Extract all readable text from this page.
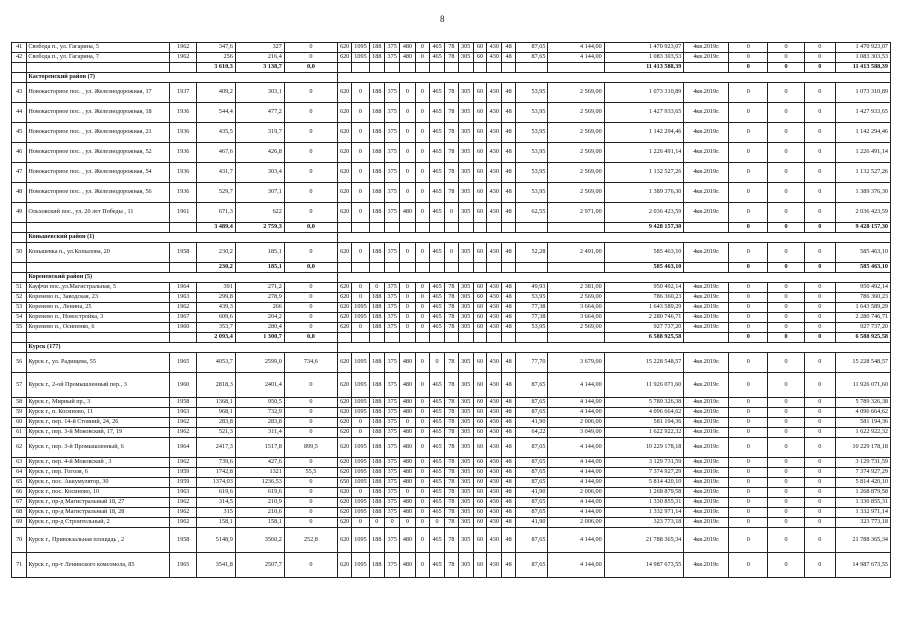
8
41	Свобода п., ул. Гагарина, 5	1962	347,6	327	0	620	1095	188	375	480	0	465	78	305	60	430	48	87,65	4 144,00	1 470 923,07	4кв.2019г.	0	0	0	1 470 923,07
42	Свобода п., ул. Гагарина, 7	1962	256	216,4	0	620	1095	188	375	480	0	465	78	305	60	430	48	87,65	4 144,00	1 083 303,53	4кв.2019г.	0	0	0	1 083 303,53
			3 610,3	3 138,7	0,0															11 413 588,39		0	0	0	11 413 588,39
	Касторенский район (7)																								
43	Новокасторное пос. , ул. Железнодорожная, 17	1937	409,2	303,1	0	620	0	188	375	0	0	465	78	305	60	430	48	53,95	2 569,00	1 073 310,89	4кв.2019г.	0	0	0	1 073 310,89
44	Новокасторное пос. , ул. Железнодорожная, 18	1936	544,4	477,2	0	620	0	188	375	0	0	465	78	305	60	430	48	53,95	2 569,00	1 427 933,65	4кв.2019г.	0	0	0	1 427 933,65
45	Новокасторное пос. , ул. Железнодорожная, 21	1936	435,5	319,7	0	620	0	188	375	0	0	465	78	305	60	430	48	53,95	2 569,00	1 142 294,46	4кв.2019г.	0	0	0	1 142 294,46
46	Новокасторное пос. , ул. Железнодорожная, 52	1936	467,6	426,8	0	620	0	188	375	0	0	465	78	305	60	430	48	53,95	2 569,00	1 226 491,14	4кв.2019г.	0	0	0	1 226 491,14
47	Новокасторное пос. , ул. Железнодорожная, 54	1936	431,7	303,4	0	620	0	188	375	0	0	465	78	305	60	430	48	53,95	2 569,00	1 132 527,26	4кв.2019г.	0	0	0	1 132 527,26
48	Новокасторное пос. , ул. Железнодорожная, 56	1936	529,7	307,1	0	620	0	188	375	0	0	465	78	305	60	430	48	53,95	2 569,00	1 389 376,30	4кв.2019г.	0	0	0	1 389 376,30
49	Ольховский пос., ул. 20 лет Победы , 11	1961	671,3	622	0	620	0	188	375	480	0	465	0	305	60	430	48	62,55	2 971,00	2 036 423,59	4кв.2019г.	0	0	0	2 036 423,59
			3 489,4	2 759,3	0,0															9 428 157,30		0	0	0	9 428 157,30
	Коньшевский район (1)																								
50	Коньшевка п., ул.Копылова, 20	1958	230,2	185,1	0	620	0	188	375	0	0	465	0	305	60	430	48	52,28	2 491,00	585 463,10	4кв.2019г.	0	0	0	585 463,10
			230,2	185,1	0,0															585 463,10		0	0	0	585 463,10
	Кореневский район (5)																								
51	Кауфчи пос.,ул.Магистральная, 5	1964	391	271,2	0	620	0	0	375	0	0	465	78	305	60	430	48	49,93	2 381,00	950 492,14	4кв.2019г.	0	0	0	950 492,14
52	Коренево п., Заводская, 23	1963	299,8	278,9	0	620	0	188	375	0	0	465	78	305	60	430	48	53,95	2 569,00	786 360,23	4кв.2019г.	0	0	0	786 360,23
53	Коренево п., Ленина, 25	1962	439,3	266	0	620	1095	188	375	0	0	465	78	305	60	430	48	77,38	3 664,00	1 643 589,29	4кв.2019г.	0	0	0	1 643 589,29
54	Коренево п., Новостройка, 3	1967	609,6	204,2	0	620	1095	188	375	0	0	465	78	305	60	430	48	77,38	3 664,00	2 280 746,71	4кв.2019г.	0	0	0	2 280 746,71
55	Коренево п., Осипенко, 6	1960	353,7	280,4	0	620	0	188	375	0	0	465	78	305	60	430	48	53,95	2 569,00	927 737,20	4кв.2019г.	0	0	0	927 737,20
			2 093,4	1 300,7	0,0															6 588 925,58		0	0	0	6 588 925,58
	Курск (177)																								
56	Курск г., ул. Радищева, 55	1965	4053,7	2599,0	734,6	620	1095	188	375	480	0	0	78	305	60	430	48	77,70	3 679,00	15 228 548,57	4кв.2019г.	0	0	0	15 228 548,57
57	Курск г., 2-ой Промышленный пер., 3	1960	2818,3	2401,4	0	620	1095	188	375	480	0	465	78	305	60	430	48	87,65	4 144,00	11 926 071,60	4кв.2019г.	0	0	0	11 926 071,60
58	Курск г., Мирный пр., 3	1958	1368,1	950,5	0	620	1095	188	375	480	0	465	78	305	60	430	48	87,65	4 144,00	5 789 326,38	4кв.2019г.	0	0	0	5 789 326,38
59	Курск г., п. Косиново, 11	1963	968,1	732,9	0	620	1095	188	375	480	0	465	78	305	60	430	48	87,65	4 144,00	4 096 664,62	4кв.2019г.	0	0	0	4 096 664,62
60	Курск г., пер. 14-й Стояний, 24, 26	1962	283,8	283,8	0	620	0	188	375	0	0	465	78	305	60	430	48	41,90	2 006,00	581 194,36	4кв.2019г.	0	0	0	581 194,36
61	Курск г., пер. 3-й Моковский, 17, 19	1962	521,3	311,4	0	620	0	188	375	480	0	465	78	305	60	430	48	64,22	3 049,00	1 622 922,32	4кв.2019г.	0	0	0	1 622 922,32
62	Курск г., пер. 3-й Промышленный, 6	1964	2417,3	1517,8	899,5	620	1095	188	375	480	0	465	78	305	60	430	48	87,65	4 144,00	10 229 178,18	4кв.2019г.	0	0	0	10 229 178,18
63	Курск г., пер. 4-й Моковский , 3	1962	739,6	427,6	0	620	1095	188	375	480	0	465	78	305	60	430	48	87,65	4 144,00	3 129 731,59	4кв.2019г.	0	0	0	3 129 731,59
64	Курск г., пер. Гоголя, 6	1959	1742,8	1321	55,5	620	1095	188	375	480	0	465	78	305	60	430	48	87,65	4 144,00	7 374 927,29	4кв.2019г.	0	0	0	7 374 927,29
65	Курск г., пос. Аккумулятор, 30	1959	1374,03	1236,53	0	650	1095	188	375	480	0	465	78	305	60	430	48	87,65	4 144,00	5 814 420,10	4кв.2019г.	0	0	0	5 814 420,10
66	Курск г., пос. Косиново, 10	1963	619,6	619,6	0	620	0	188	375	0	0	465	78	305	60	430	48	41,90	2 006,00	1 268 879,58	4кв.2019г.	0	0	0	1 268 879,58
67	Курск г., пр-д Магистральный 18, 27	1962	314,5	210,9	0	620	1095	188	375	480	0	465	78	305	60	430	48	87,65	4 144,00	1 330 855,31	4кв.2019г.	0	0	0	1 330 855,31
68	Курск г., пр-д Магистральный 18, 28	1962	315	210,6	0	620	1095	188	375	480	0	465	78	305	60	430	48	87,65	4 144,00	1 332 971,14	4кв.2019г.	0	0	0	1 332 971,14
69	Курск г., пр-д Строительный, 2	1962	158,1	158,1	0	620	0	0	0	0	0	0	78	305	60	430	48	41,90	2 006,00	323 773,18	4кв.2019г.	0	0	0	323 773,18
70	Курск г., Привокзальная площадь , 2	1958	5148,9	3560,2	252,8	620	1095	188	375	480	0	465	78	305	60	430	48	87,65	4 144,00	21 788 365,34	4кв.2019г.	0	0	0	21 788 365,34
71	Курск г., пр-т Ленинского комсомола, 85	1965	3541,8	2507,7	0	620	1095	188	375	480	0	465	78	305	60	430	48	87,65	4 144,00	14 987 673,55	4кв.2019г.	0	0	0	14 987 673,55
